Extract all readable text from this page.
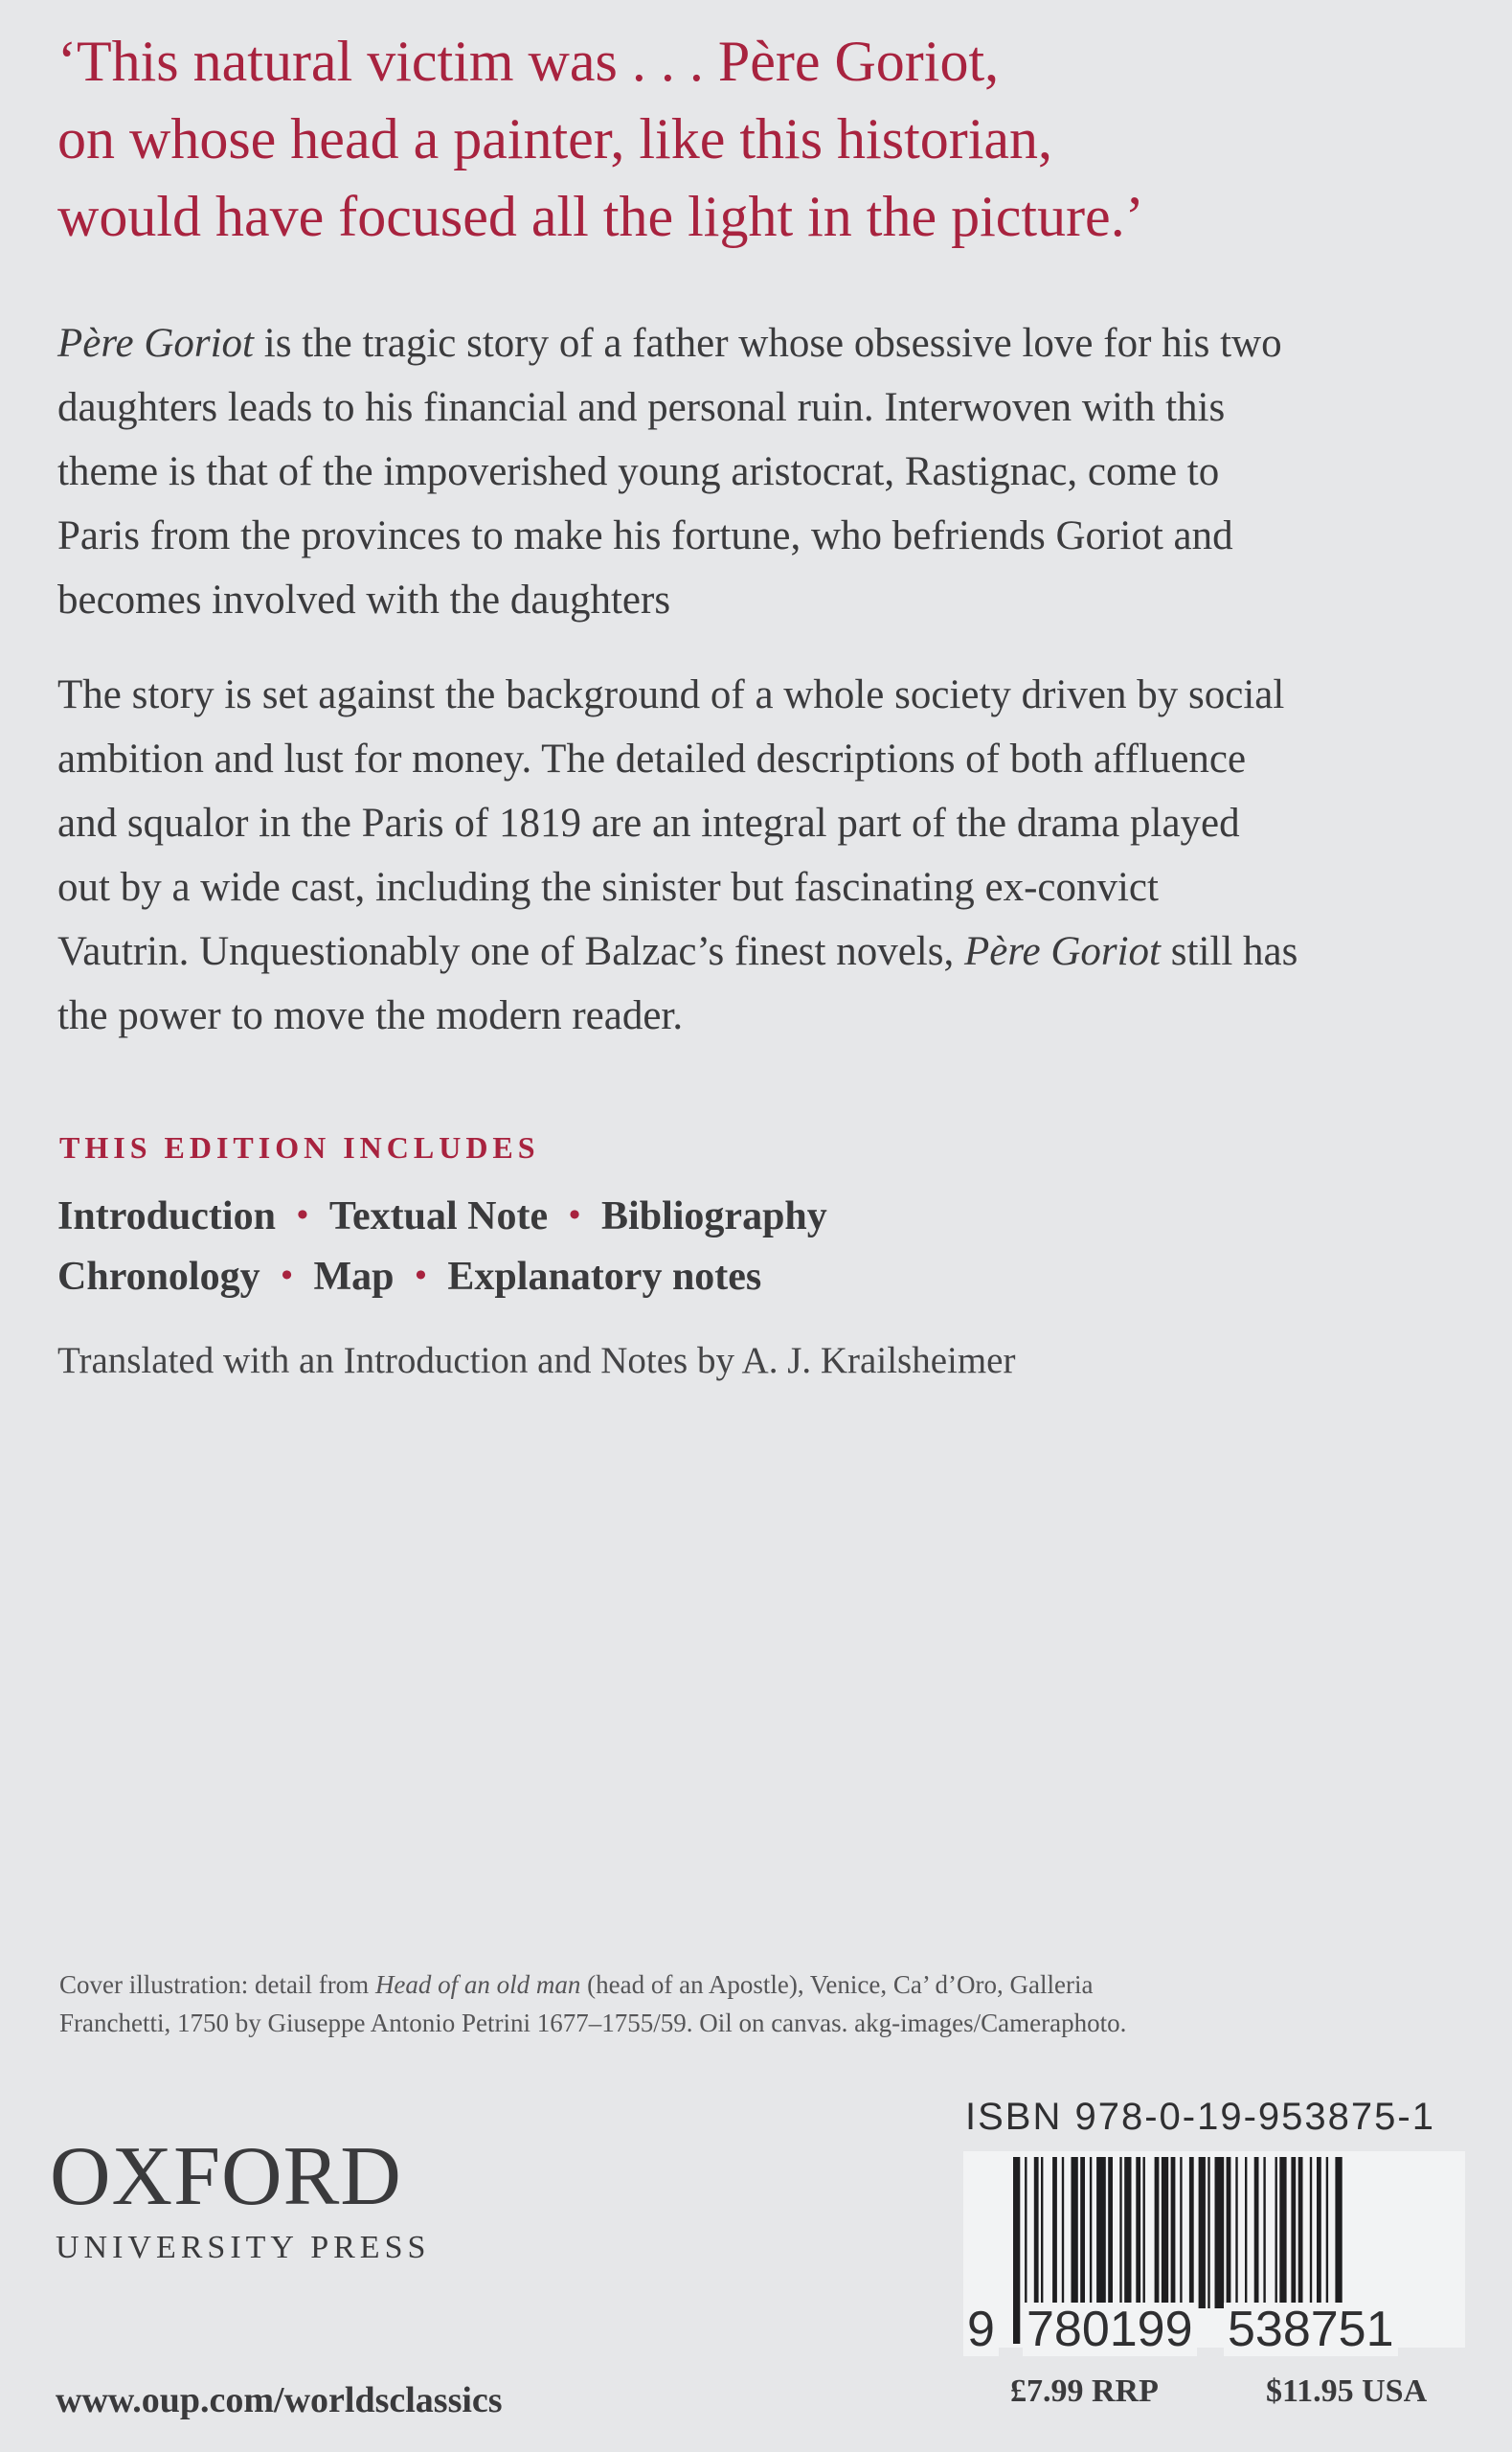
‘This natural victim was . . . Père Goriot,
on whose head a painter, like this historian,
would have focused all the light in the picture.’
Père Goriot is the tragic story of a father whose obsessive love for his two
daughters leads to his financial and personal ruin. Interwoven with this
theme is that of the impoverished young aristocrat, Rastignac, come to
Paris from the provinces to make his fortune, who befriends Goriot and
becomes involved with the daughters
The story is set against the background of a whole society driven by social
ambition and lust for money. The detailed descriptions of both affluence
and squalor in the Paris of 1819 are an integral part of the drama played
out by a wide cast, including the sinister but fascinating ex-convict
Vautrin. Unquestionably one of Balzac’s finest novels, Père Goriot still has
the power to move the modern reader.
THIS EDITION INCLUDES
Introduction • Textual Note • Bibliography
Chronology • Map • Explanatory notes
Translated with an Introduction and Notes by A. J. Krailsheimer
Cover illustration: detail from Head of an old man (head of an Apostle), Venice, Ca’ d’Oro, Galleria
Franchetti, 1750 by Giuseppe Antonio Petrini 1677–1755/59. Oil on canvas. akg-images/Cameraphoto.
OXFORD
UNIVERSITY PRESS
www.oup.com/worldsclassics
ISBN 978-0-19-953875-1
9 780199 538751
£7.99 RRP	$11.95 USA
